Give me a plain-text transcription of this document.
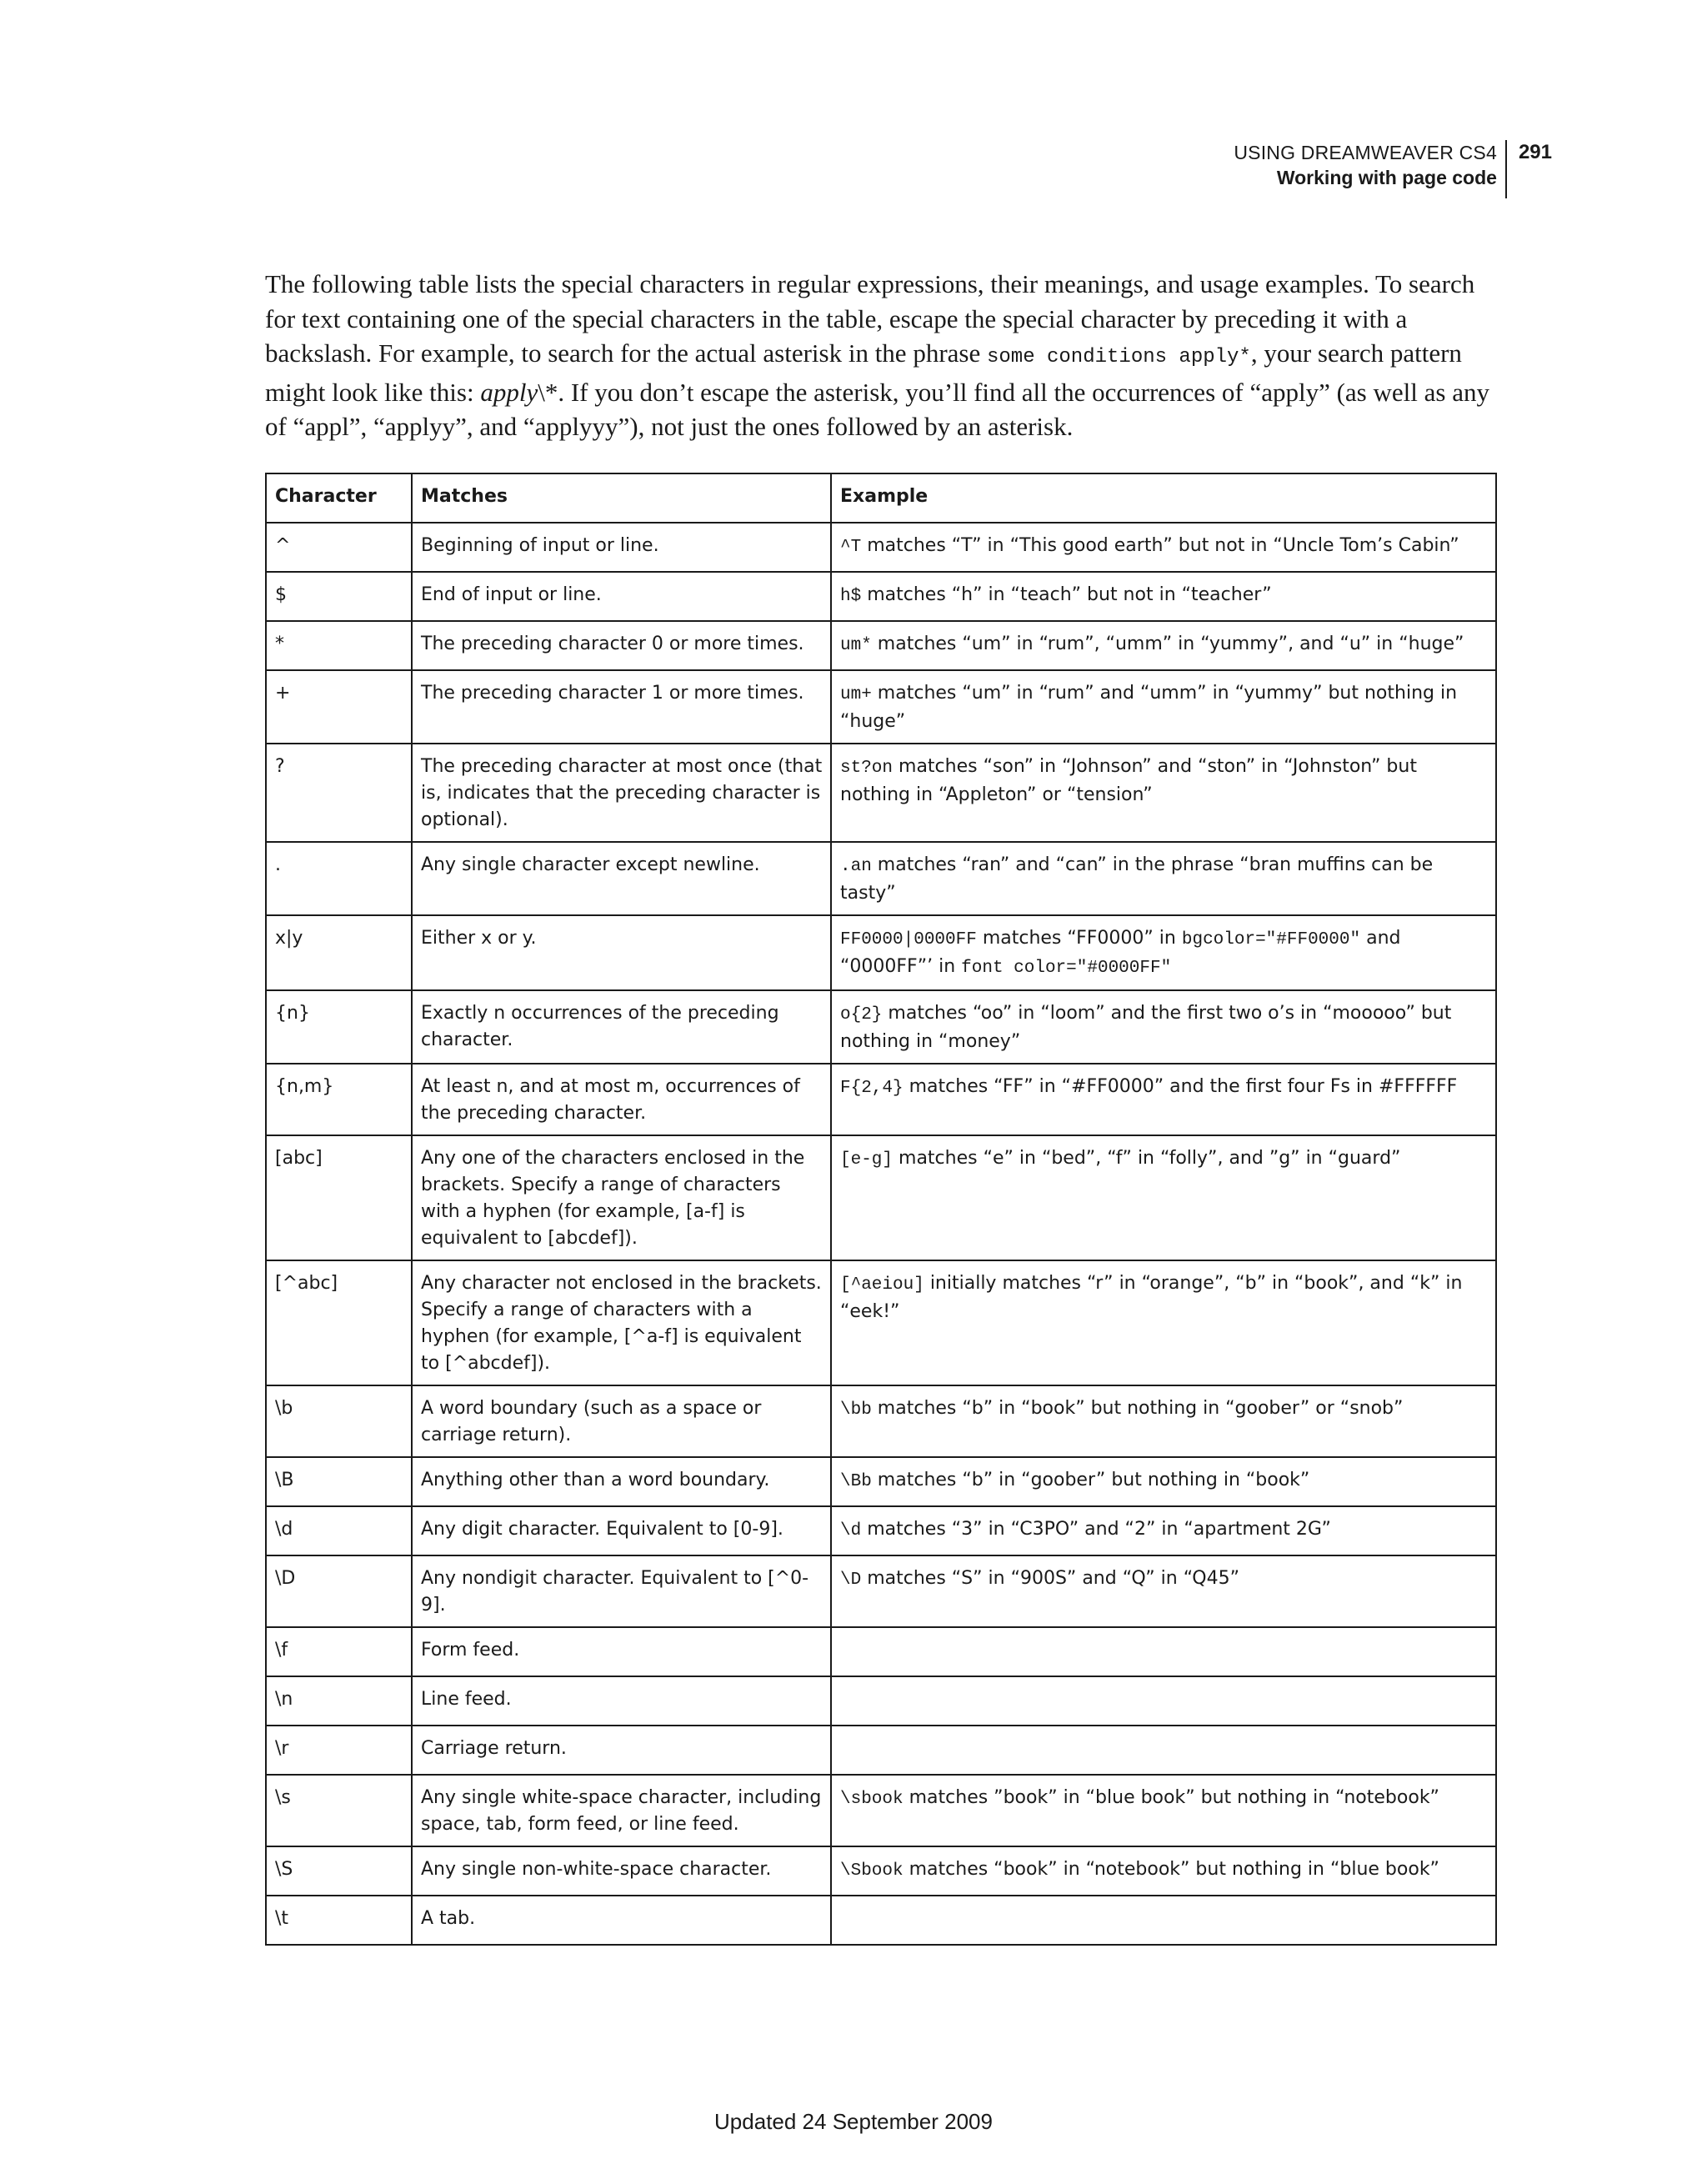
USING DREAMWEAVER CS4
Working with page code
291

The following table lists the special characters in regular expressions, their meanings, and usage examples. To search for text containing one of the special characters in the table, escape the special character by preceding it with a backslash. For example, to search for the actual asterisk in the phrase some conditions apply*, your search pattern might look like this: apply\*. If you don’t escape the asterisk, you’ll find all the occurrences of “apply” (as well as any of “appl”, “applyy”, and “applyyy”), not just the ones followed by an asterisk.

Character	Matches	Example
^	Beginning of input or line.	^T matches “T” in “This good earth” but not in “Uncle Tom’s Cabin”
$	End of input or line.	h$ matches “h” in “teach” but not in “teacher”
*	The preceding character 0 or more times.	um* matches “um” in “rum”, “umm” in “yummy”, and “u” in “huge”
+	The preceding character 1 or more times.	um+ matches “um” in “rum” and “umm” in “yummy” but nothing in “huge”
?	The preceding character at most once (that is, indicates that the preceding character is optional).	st?on matches “son” in “Johnson” and “ston” in “Johnston” but nothing in “Appleton” or “tension”
.	Any single character except newline.	.an matches “ran” and “can” in the phrase “bran muffins can be tasty”
x|y	Either x or y.	FF0000|0000FF matches “FF0000” in bgcolor="#FF0000" and “0000FF”’ in font color="#0000FF"
{n}	Exactly n occurrences of the preceding character.	o{2} matches “oo” in “loom” and the first two o’s in “mooooo” but nothing in “money”
{n,m}	At least n, and at most m, occurrences of the preceding character.	F{2,4} matches “FF” in “#FF0000” and the first four Fs in #FFFFFF
[abc]	Any one of the characters enclosed in the brackets. Specify a range of characters with a hyphen (for example, [a-f] is equivalent to [abcdef]).	[e-g] matches “e” in “bed”, “f” in “folly”, and ”g” in “guard”
[^abc]	Any character not enclosed in the brackets. Specify a range of characters with a hyphen (for example, [^a-f] is equivalent to [^abcdef]).	[^aeiou] initially matches “r” in “orange”, “b” in “book”, and “k” in “eek!”
\b	A word boundary (such as a space or carriage return).	\bb matches “b” in “book” but nothing in “goober” or “snob”
\B	Anything other than a word boundary.	\Bb matches “b” in “goober” but nothing in “book”
\d	Any digit character. Equivalent to [0-9].	\d matches “3” in “C3PO” and “2” in “apartment 2G”
\D	Any nondigit character. Equivalent to [^0-9].	\D matches “S” in “900S” and “Q” in “Q45”
\f	Form feed.	
\n	Line feed.	
\r	Carriage return.	
\s	Any single white-space character, including space, tab, form feed, or line feed.	\sbook matches ”book” in “blue book” but nothing in “notebook”
\S	Any single non-white-space character.	\Sbook matches “book” in “notebook” but nothing in “blue book”
\t	A tab.	
Updated 24 September 2009
